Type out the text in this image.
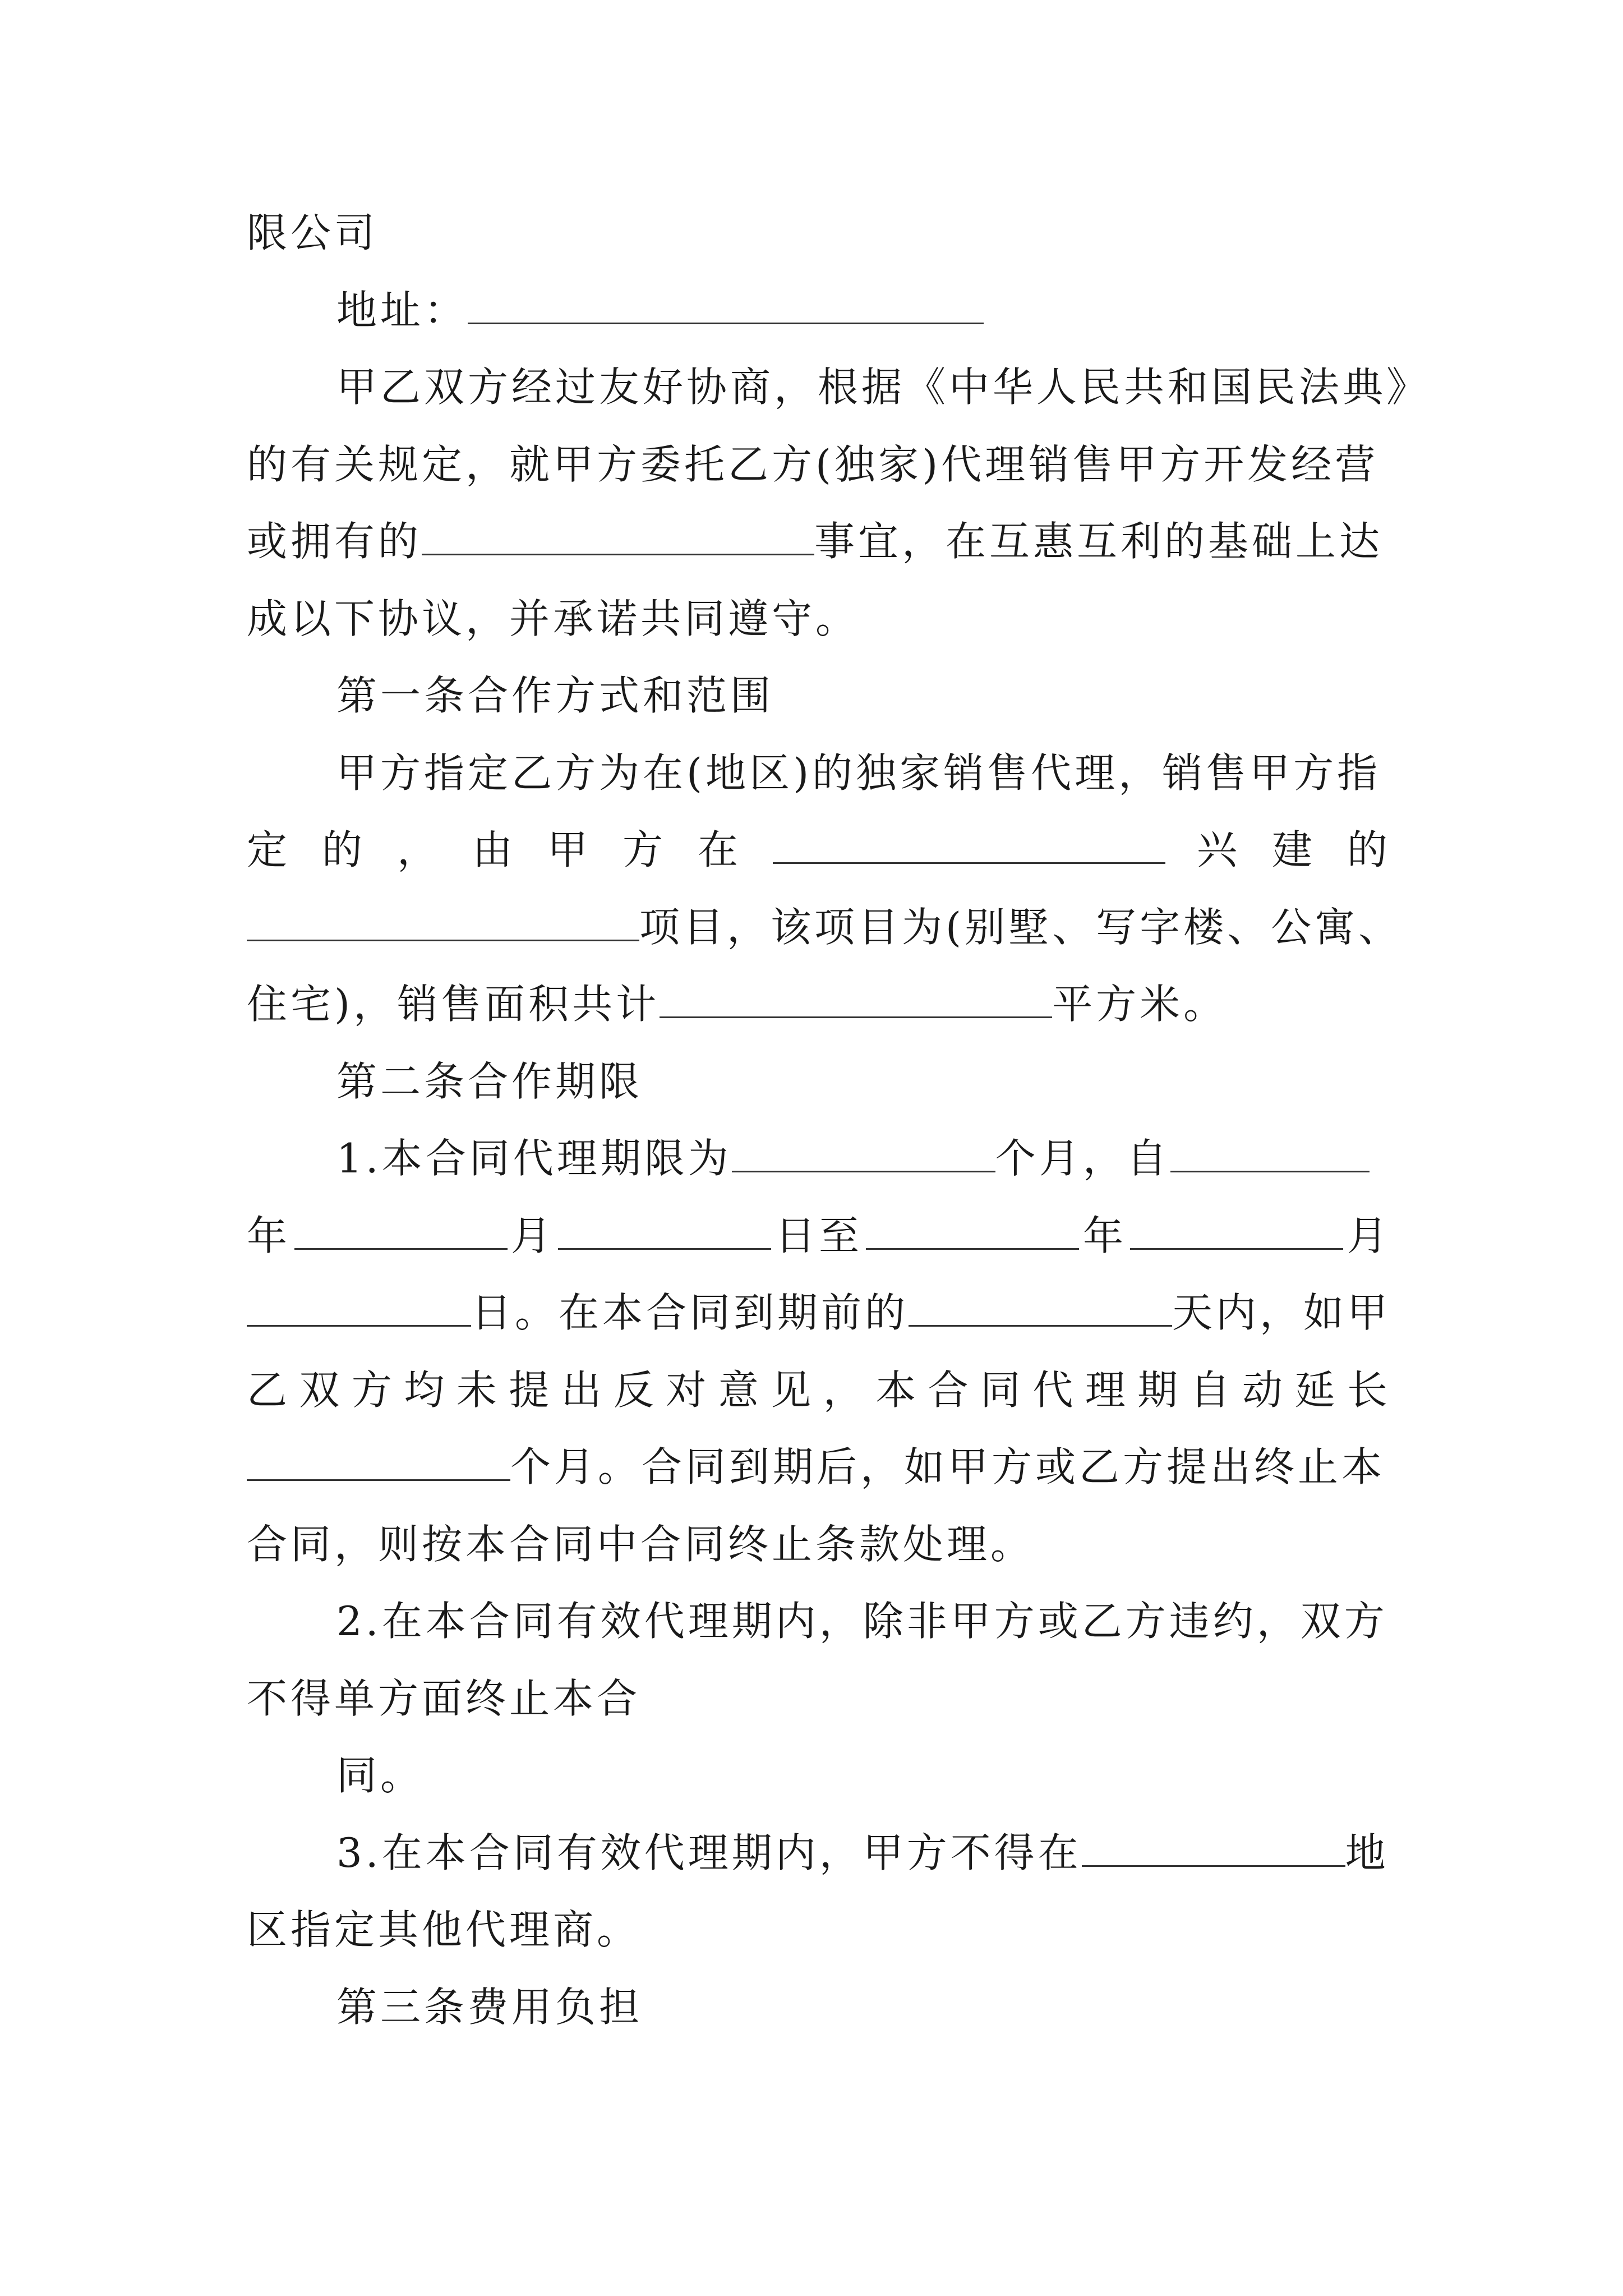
限公司
地址：
甲乙双方经过友好协商，根据《中华人民共和国民法典》
的有关规定，就甲方委托乙方(独家)代理销售甲方开发经营
或拥有的	事宜，在互惠互利的基础上达
成以下协议，并承诺共同遵守。
第一条合作方式和范围
甲方指定乙方为在(地区)的独家销售代理，销售甲方指
定 的 ， 由 甲 方 在	兴 建 的
项目，该项目为(别墅、写字楼、公寓、
住宅)，销售面积共计	平方米。
第二条合作期限
1.本合同代理期限为	个月，自
年	月	日至	年	月
日。在本合同到期前的	天内，如甲
乙 双 方 均 未 提 出 反 对 意 见 ， 本 合 同 代 理 期 自 动 延 长
个月。合同到期后，如甲方或乙方提出终止本
合同，则按本合同中合同终止条款处理。
2.在本合同有效代理期内，除非甲方或乙方违约，双方
不得单方面终止本合
同。
3.在本合同有效代理期内，甲方不得在	地
区指定其他代理商。
第三条费用负担
